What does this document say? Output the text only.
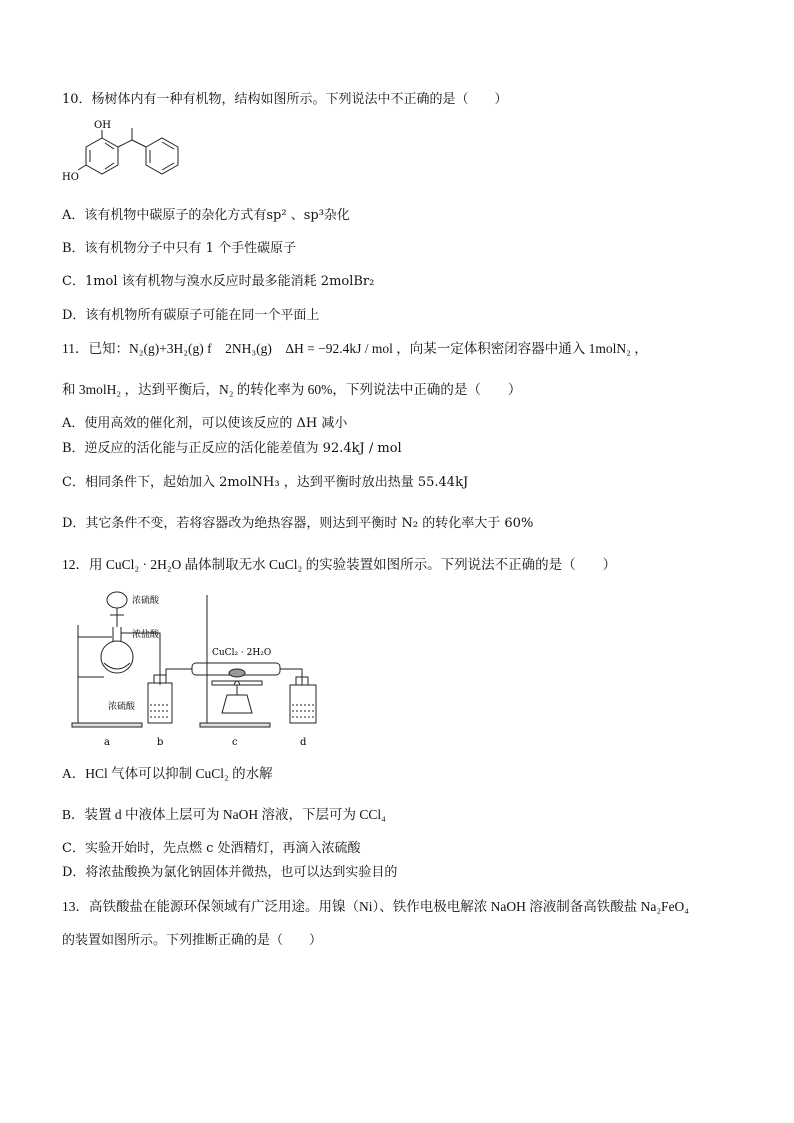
10．杨树体内有一种有机物，结构如图所示。下列说法中不正确的是（　　）
OH
HO
A．该有机物中碳原子的杂化方式有sp² 、sp³杂化
B．该有机物分子中只有 1 个手性碳原子
C．1mol 该有机物与溴水反应时最多能消耗 2molBr₂
D．该有机物所有碳原子可能在同一个平面上
11．已知：N₂(g)+3H₂(g) f　2NH₃(g)　ΔH = −92.4kJ / mol ，向某一定体积密闭容器中通入 1molN₂ ，
和 3molH₂ ，达到平衡后，N₂ 的转化率为 60%，下列说法中正确的是（　　）
A．使用高效的催化剂，可以使该反应的 ΔH 减小
B．逆反应的活化能与正反应的活化能差值为 92.4kJ / mol
C．相同条件下，起始加入 2molNH₃ ，达到平衡时放出热量 55.44kJ
D．其它条件不变，若将容器改为绝热容器，则达到平衡时 N₂ 的转化率大于 60%
12．用 CuCl₂ · 2H₂O 晶体制取无水 CuCl₂ 的实验装置如图所示。下列说法不正确的是（　　）
浓硫酸
浓盐酸
浓硫酸
CuCl₂ · 2H₂O
a	b	c	d
A．HCl 气体可以抑制 CuCl₂ 的水解
B．装置 d 中液体上层可为 NaOH 溶液，下层可为 CCl₄
C．实验开始时，先点燃 c 处酒精灯，再滴入浓硫酸
D．将浓盐酸换为氯化钠固体并微热，也可以达到实验目的
13．高铁酸盐在能源环保领域有广泛用途。用镍（Ni）、铁作电极电解浓 NaOH 溶液制备高铁酸盐 Na₂FeO₄
的装置如图所示。下列推断正确的是（　　）
